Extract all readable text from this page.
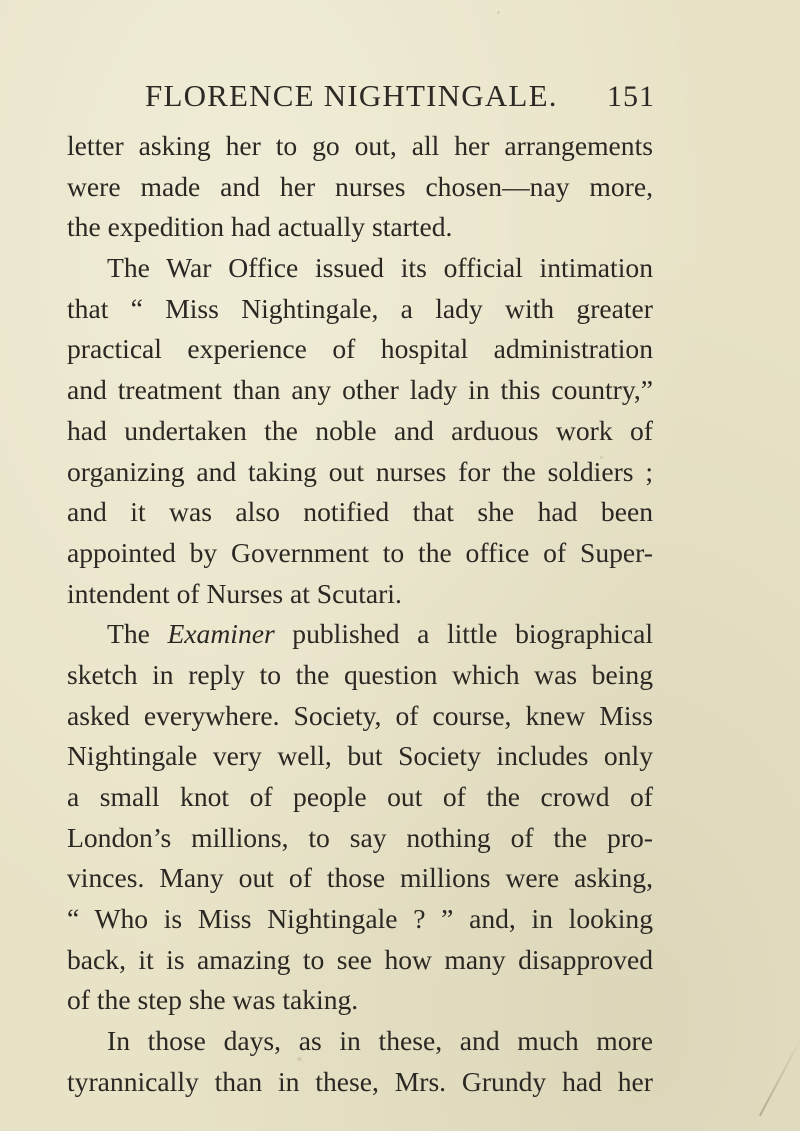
FLORENCE NIGHTINGALE. 151
letter asking her to go out, all her arrangements
were made and her nurses chosen—nay more,
the expedition had actually started.
The War Office issued its official intimation
that “ Miss Nightingale, a lady with greater
practical experience of hospital administration
and treatment than any other lady in this country,”
had undertaken the noble and arduous work of
organizing and taking out nurses for the soldiers ;
and it was also notified that she had been
appointed by Government to the office of Super-
intendent of Nurses at Scutari.
The Examiner published a little biographical
sketch in reply to the question which was being
asked everywhere. Society, of course, knew Miss
Nightingale very well, but Society includes only
a small knot of people out of the crowd of
London’s millions, to say nothing of the pro-
vinces. Many out of those millions were asking,
“ Who is Miss Nightingale ? ” and, in looking
back, it is amazing to see how many disapproved
of the step she was taking.
In those days, as in these, and much more
tyrannically than in these, Mrs. Grundy had her
